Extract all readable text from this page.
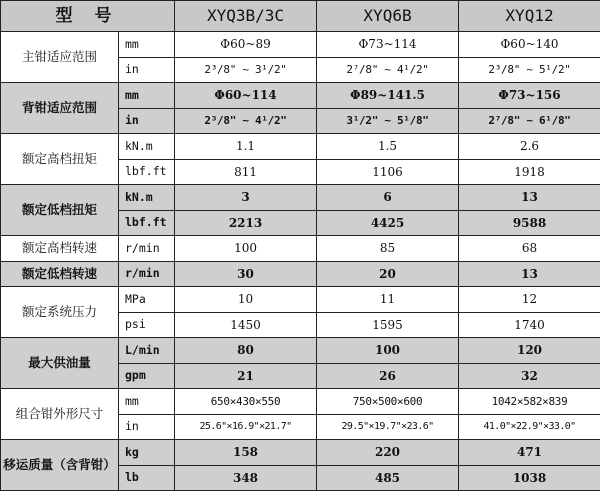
型 号		XYQ3B/3C	XYQ6B	XYQ12
主钳适应范围	mm	Φ60~89	Φ73~114	Φ60~140
	in	2³/8" ~ 3¹/2"	2⁷/8" ~ 4¹/2"	2³/8" ~ 5¹/2"
背钳适应范围	mm	Φ60~114	Φ89~141.5	Φ73~156
	in	2³/8" ~ 4¹/2"	3¹/2" ~ 5¹/8"	2⁷/8" ~ 6¹/8"
额定高档扭矩	kN.m	1.1	1.5	2.6
	lbf.ft	811	1106	1918
额定低档扭矩	kN.m	3	6	13
	lbf.ft	2213	4425	9588
额定高档转速	r/min	100	85	68
额定低档转速	r/min	30	20	13
额定系统压力	MPa	10	11	12
	psi	1450	1595	1740
最大供油量	L/min	80	100	120
	gpm	21	26	32
组合钳外形尺寸	mm	650×430×550	750×500×600	1042×582×839
	in	25.6"×16.9"×21.7"	29.5"×19.7"×23.6"	41.0"×22.9"×33.0"
移运质量（含背钳）	kg	158	220	471
	lb	348	485	1038
